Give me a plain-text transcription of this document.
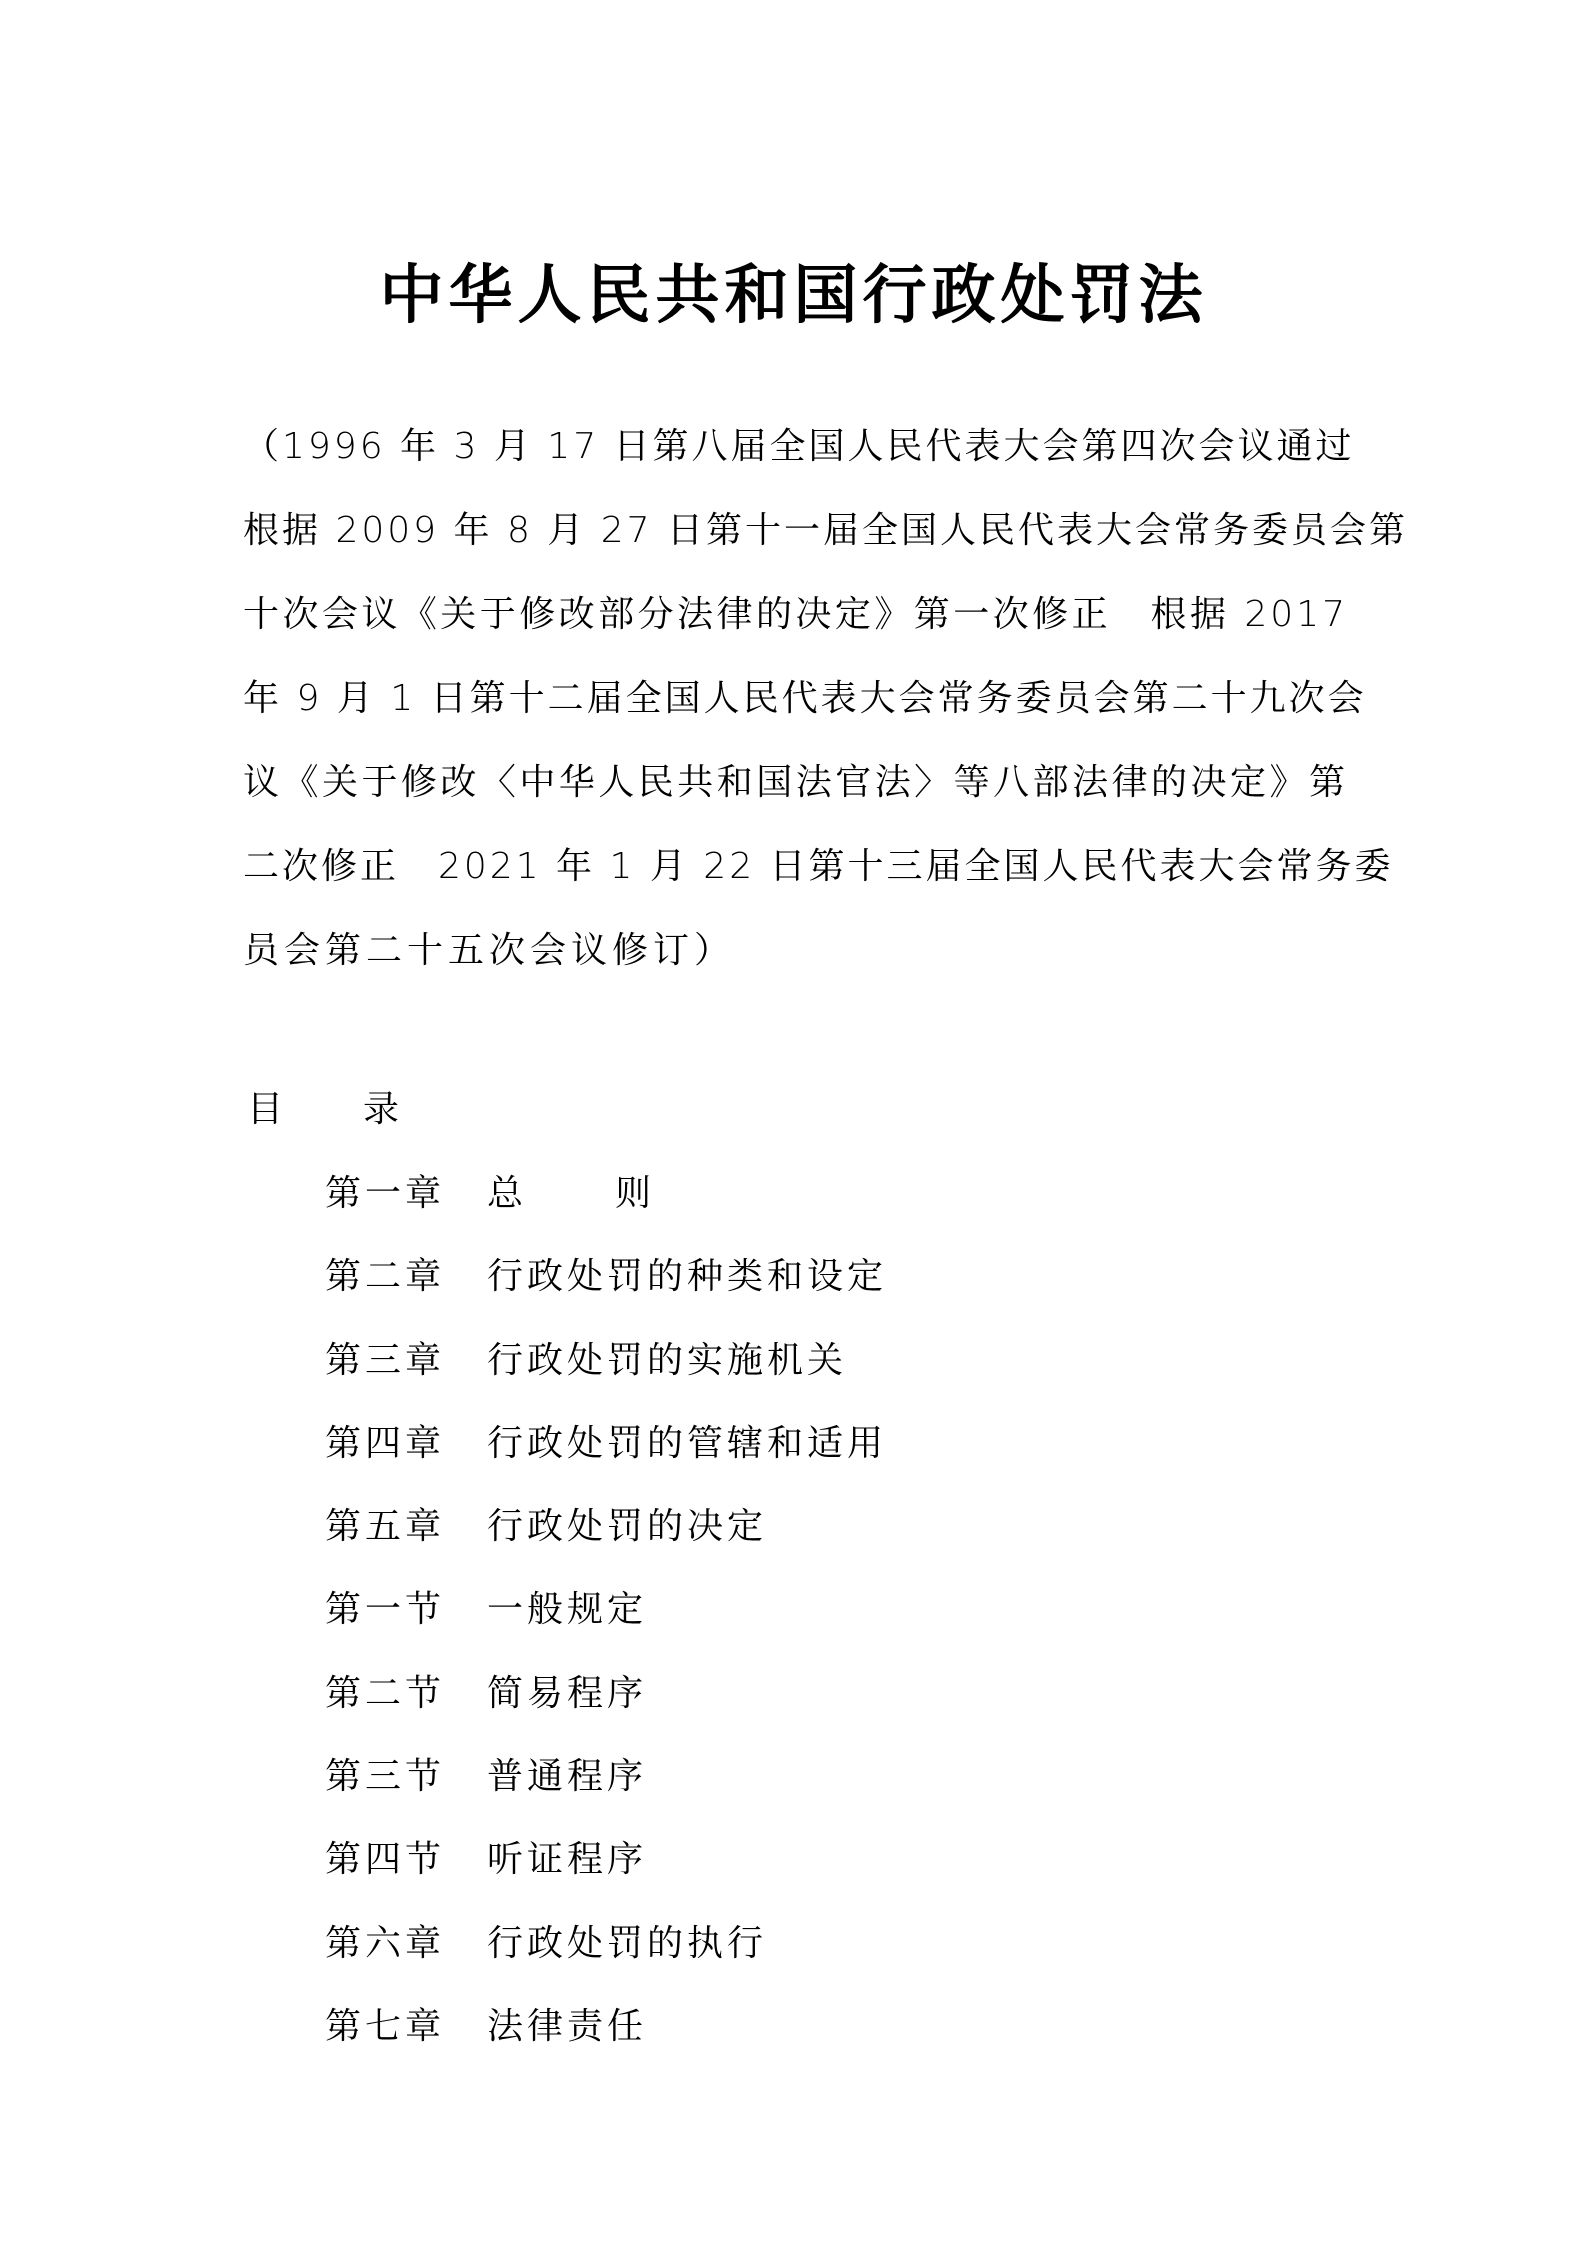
中华人民共和国行政处罚法
（1996 年 3 月 17 日第八届全国人民代表大会第四次会议通过
根据 2009 年 8 月 27 日第十一届全国人民代表大会常务委员会第
十次会议《关于修改部分法律的决定》第一次修正　根据 2017
年 9 月 1 日第十二届全国人民代表大会常务委员会第二十九次会
议《关于修改〈中华人民共和国法官法〉等八部法律的决定》第
二次修正　2021 年 1 月 22 日第十三届全国人民代表大会常务委
员会第二十五次会议修订）
目	录
第一章	总 则
第二章	行政处罚的种类和设定
第三章	行政处罚的实施机关
第四章	行政处罚的管辖和适用
第五章	行政处罚的决定
第一节	一般规定
第二节	简易程序
第三节	普通程序
第四节	听证程序
第六章	行政处罚的执行
第七章	法律责任
